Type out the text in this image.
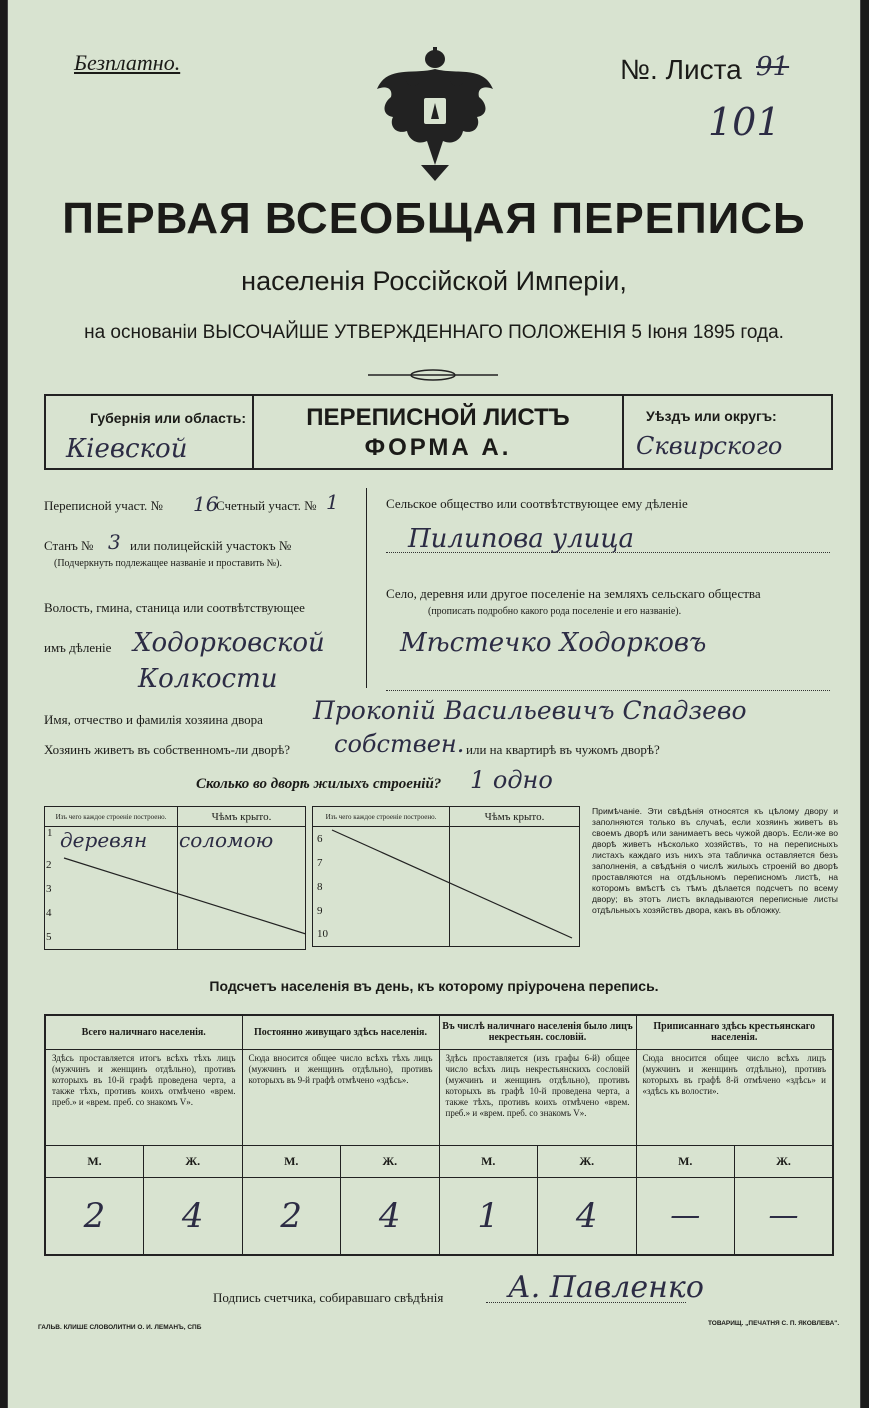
Безплатно.	№. Листа 91
101
ПЕРВАЯ ВСЕОБЩАЯ ПЕРЕПИСЬ
населенія Россійской Имперіи,
на основаніи ВЫСОЧАЙШЕ УТВЕРЖДЕННАГО ПОЛОЖЕНІЯ 5 Іюня 1895 года.
Губернія или область:
Кіевской
ПЕРЕПИСНОЙ ЛИСТЪ
ФОРМА А.
Уѣздъ или округъ:
Сквирского
Переписной участ. № 16
Счетный участ. № 1
Станъ № 3 или полицейскій участокъ №
(Подчеркнуть подлежащее названіе и проставить №).
Волость, гмина, станица или соотвѣтствующее
имъ дѣленіе Ходорковской
Колкости
Сельское общество или соотвѣтствующее ему дѣленіе
Пилипова улица
Село, деревня или другое поселеніе на земляхъ сельскаго общества
(прописать подробно какого рода поселеніе и его названіе).
Мѣстечко Ходорковъ
Имя, отчество и фамилія хозяина двора Прокопій Васильевичъ Спадзево
Хозяинъ живетъ въ собственномъ-ли дворѣ? собствен. или на квартирѣ въ чужомъ дворѣ?
Сколько во дворѣ жилыхъ строеній? 1 одно
Изъ чего каждое строеніе построено.	Чѣмъ крыто.

1 деревян	соломою
2	
3	
4	
5	
Изъ чего каждое строеніе построено.	Чѣмъ крыто.
6	
7	
8	
9	
10	
Примѣчаніе. Эти свѣдѣнія относятся къ цѣлому двору и заполняются только въ случаѣ, если хозяинъ живетъ въ своемъ дворѣ или занимаетъ весь чужой дворъ. Если-же во дворѣ живетъ нѣсколько хозяйствъ, то на переписныхъ листахъ каждаго изъ нихъ эта табличка оставляется безъ заполненія, а свѣдѣнія о числѣ жилыхъ строеній во дворѣ проставляются на отдѣльномъ переписномъ листѣ, на которомъ вмѣстѣ съ тѣмъ дѣлается подсчетъ по всему двору; въ этотъ листъ вкладываются переписные листы отдѣльныхъ хозяйствъ двора, какъ въ обложку.
Подсчетъ населенія въ день, къ которому пріурочена перепись.
Всего наличнаго населенія.		Постоянно живущаго здѣсь населенія.		Въ числѣ наличнаго населенія было лицъ некрестьян. сословій.		Приписаннаго здѣсь крестьянскаго населенія.	
Здѣсь проставляется итогъ всѣхъ тѣхъ лицъ (мужчинъ и женщинъ отдѣльно), противъ которыхъ въ 10-й графѣ проведена черта, а также тѣхъ, противъ коихъ отмѣчено «врем. преб.» и «врем. преб. со знакомъ V».		Сюда вносится общее число всѣхъ тѣхъ лицъ (мужчинъ и женщинъ отдѣльно), противъ которыхъ въ 9-й графѣ отмѣчено «здѣсь».		Здѣсь проставляется (изъ графы 6-й) общее число всѣхъ лицъ некрестьянскихъ сословій (мужчинъ и женщинъ отдѣльно), противъ которыхъ въ графѣ 10-й проведена черта, а также тѣхъ, противъ коихъ отмѣчено «врем. преб.» и «врем. преб. со знакомъ V».		Сюда вносится общее число всѣхъ лицъ (мужчинъ и женщинъ отдѣльно), противъ которыхъ въ графѣ 8-й отмѣчено «здѣсь» и «здѣсь къ волости».	
М.	Ж.	М.	Ж.	М.	Ж.	М.	Ж.
2	4	2	4	1	4	—	—
Подпись счетчика, собиравшаго свѣдѣнія А. Павленко
ГАЛЬВ. КЛИШЕ СЛОВОЛИТНИ О. И. ЛЕМАНЪ, СПБ
ТОВАРИЩ. „ПЕЧАТНЯ С. П. ЯКОВЛЕВА".
